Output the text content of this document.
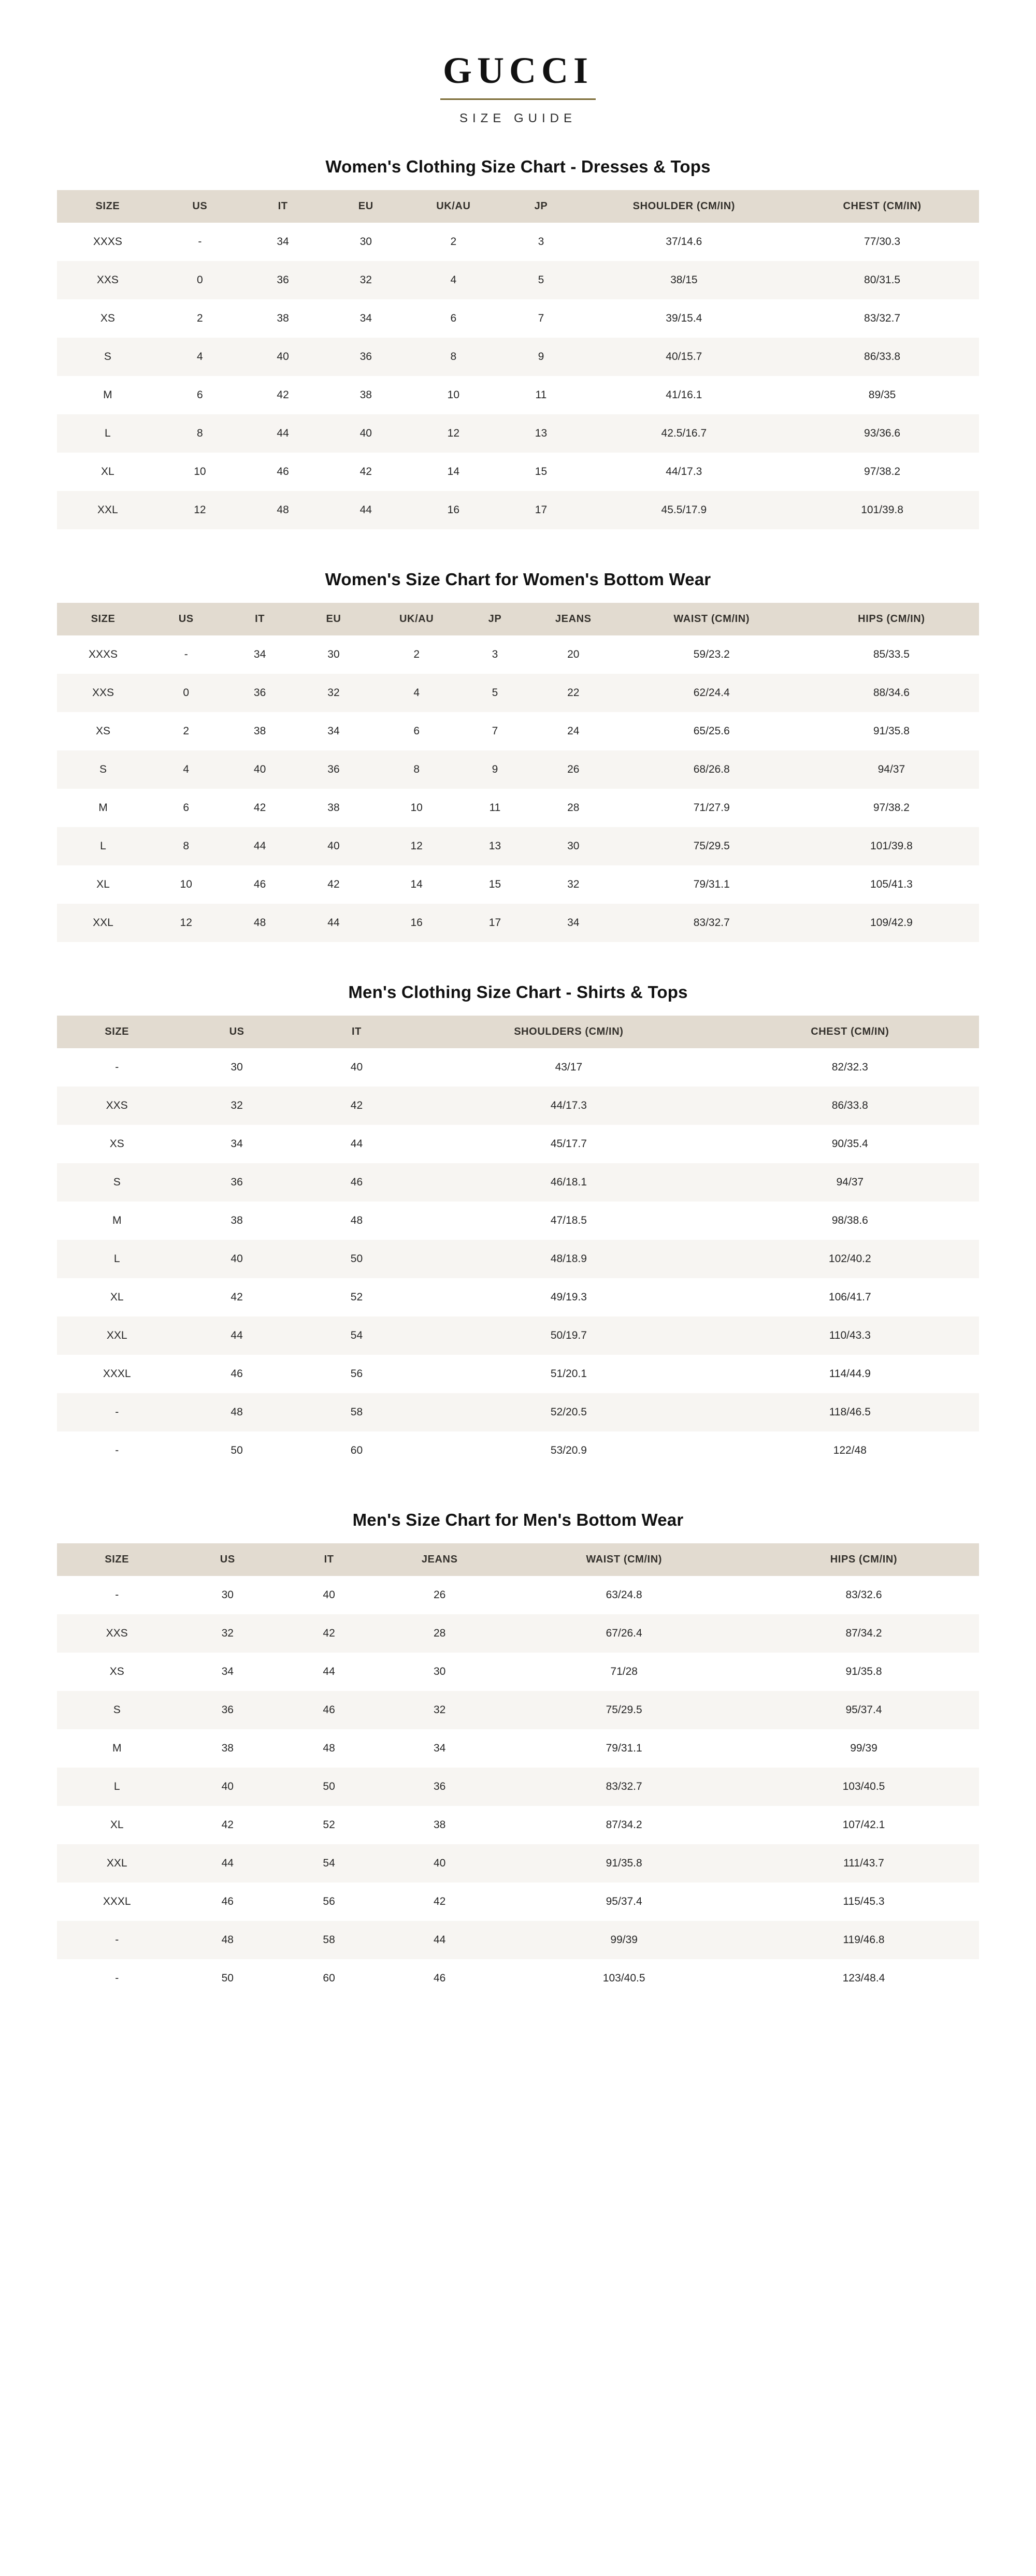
GUCCI
SIZE GUIDE
Women's Clothing Size Chart - Dresses & Tops
SIZE	US	IT	EU	UK/AU	JP	SHOULDER (CM/IN)	CHEST (CM/IN)
XXXS	-	34	30	2	3	37/14.6	77/30.3
XXS	0	36	32	4	5	38/15	80/31.5
XS	2	38	34	6	7	39/15.4	83/32.7
S	4	40	36	8	9	40/15.7	86/33.8
M	6	42	38	10	11	41/16.1	89/35
L	8	44	40	12	13	42.5/16.7	93/36.6
XL	10	46	42	14	15	44/17.3	97/38.2
XXL	12	48	44	16	17	45.5/17.9	101/39.8
Women's Size Chart for Women's Bottom Wear
SIZE	US	IT	EU	UK/AU	JP	JEANS	WAIST (CM/IN)	HIPS (CM/IN)
XXXS	-	34	30	2	3	20	59/23.2	85/33.5
XXS	0	36	32	4	5	22	62/24.4	88/34.6
XS	2	38	34	6	7	24	65/25.6	91/35.8
S	4	40	36	8	9	26	68/26.8	94/37
M	6	42	38	10	11	28	71/27.9	97/38.2
L	8	44	40	12	13	30	75/29.5	101/39.8
XL	10	46	42	14	15	32	79/31.1	105/41.3
XXL	12	48	44	16	17	34	83/32.7	109/42.9
Men's Clothing Size Chart - Shirts & Tops
SIZE	US	IT	SHOULDERS (CM/IN)	CHEST (CM/IN)
-	30	40	43/17	82/32.3
XXS	32	42	44/17.3	86/33.8
XS	34	44	45/17.7	90/35.4
S	36	46	46/18.1	94/37
M	38	48	47/18.5	98/38.6
L	40	50	48/18.9	102/40.2
XL	42	52	49/19.3	106/41.7
XXL	44	54	50/19.7	110/43.3
XXXL	46	56	51/20.1	114/44.9
-	48	58	52/20.5	118/46.5
-	50	60	53/20.9	122/48
Men's Size Chart for Men's Bottom Wear
SIZE	US	IT	JEANS	WAIST (CM/IN)	HIPS (CM/IN)
-	30	40	26	63/24.8	83/32.6
XXS	32	42	28	67/26.4	87/34.2
XS	34	44	30	71/28	91/35.8
S	36	46	32	75/29.5	95/37.4
M	38	48	34	79/31.1	99/39
L	40	50	36	83/32.7	103/40.5
XL	42	52	38	87/34.2	107/42.1
XXL	44	54	40	91/35.8	111/43.7
XXXL	46	56	42	95/37.4	115/45.3
-	48	58	44	99/39	119/46.8
-	50	60	46	103/40.5	123/48.4
